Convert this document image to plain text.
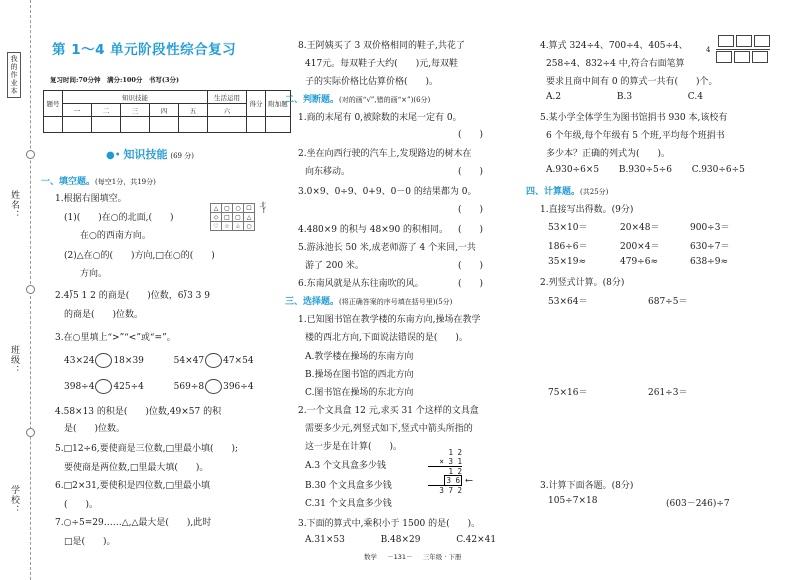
我的作业本
姓名：
班级：
学校：
第 1～4 单元阶段性综合复习
复习时间:70分钟　满分:100分　书写(3分)
题号	知识技能					生活运用	得分	附加题
	一	二	三	四	五	六		

●• 知识技能 (69 分)
一、填空题。(每空1分，共19分)
1.根据右图填空。
(1)(　　)在○的北面,(　　)
在○的西南方向。
(2)△在○的(　　)方向,□在○的(　　)
方向。
△	▢	○	☐
◇	□	▢	△
♡	☆	♧	○
北
↑
2.4⟌5 1 2 的商是(　　)位数，6⟌3 3 9
的商是(　　)位数。
3.在○里填上“>”“<”或“=”。
43×24 18×39	54×47 47×54
398÷4 425÷4	569÷8 396÷4
4.58×13 的积是(　　)位数,49×57 的积
是(　　)位数。
5.□12÷6,要使商是三位数,□里最小填(　　);
要使商是两位数,□里最大填(　　)。
6.□2×31,要使积是四位数,□里最小填
(　　)。
7.○÷5=29……△,△最大是(　　),此时
□是(　　)。
8.王阿姨买了 3 双价格相同的鞋子,共花了
417元。每双鞋子大约(　　)元,每双鞋
子的实际价格比估算价格(　　)。
二、判断题。(对的画“√”,错的画“×”)(6分)
1.商的末尾有 0,被除数的末尾一定有 0。
(　　)
2.坐在向西行驶的汽车上,发现路边的树木在
向东移动。	(　　)
3.0×9、0÷9、0+9、0－0 的结果都为 0。
(　　)
4.480×9 的积与 48×90 的积相同。 (　　)
5.游泳池长 50 米,成老师游了 4 个来回,一共
游了 200 米。	(　　)
6.东南风就是从东往南吹的风。	(　　)
三、选择题。(将正确答案的序号填在括号里)(5分)
1.已知图书馆在教学楼的东南方向,操场在教学
楼的西北方向,下面说法错误的是(　　)。
A.教学楼在操场的东南方向
B.操场在图书馆的西北方向
C.图书馆在操场的东北方向
2.一个文具盒 12 元,求买 31 个这样的文具盒
需要多少元,列竖式如下,竖式中箭头所指的
这一步是在计算(　　)。
A.3 个文具盒多少钱
B.30 个文具盒多少钱
C.31 个文具盒多少钱
1 2
× 3 1
1 2
3 6
3 7 2
⟵
3.下面的算式中,乘积小于 1500 的是(　　)。
A.31×53	B.48×29	C.42×41
4.算式 324÷4、700÷4、405÷4、
258÷4、832÷4 中,符合右面笔算
要求且商中间有 0 的算式一共有(　　)个。
4
A.2	B.3	C.4
5.某小学全体学生为图书馆捐书 930 本,该校有
6 个年级,每个年级有 5 个班,平均每个班捐书
多少本？正确的列式为(　　)。
A.930÷6×5 B.930÷5÷6 C.930÷6÷5
四、计算题。(共25分)
1.直接写出得数。(9分)
53×10＝	20×48＝	900÷3＝
186÷6＝	200×4＝	630÷7＝
35×19≈	479÷6≈	638÷9≈
2.列竖式计算。(8分)
53×64＝	687÷5＝
75×16＝	261÷3＝
3.计算下面各题。(8分)
105÷7×18	(603－246)÷7
数学 －131－ 三年级 · 下册
